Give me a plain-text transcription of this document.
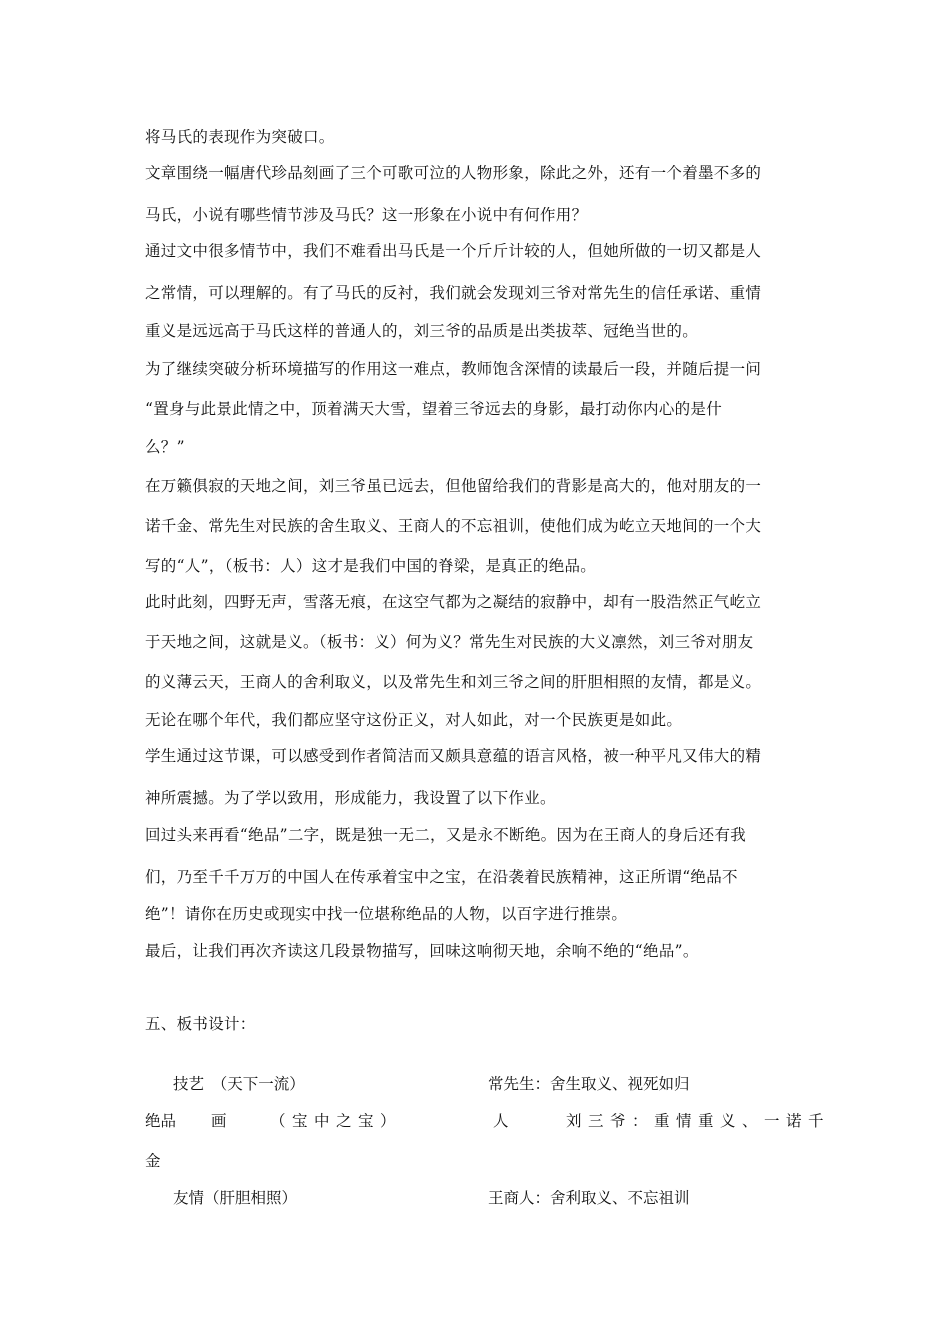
将马氏的表现作为突破口。
文章围绕一幅唐代珍品刻画了三个可歌可泣的人物形象，除此之外，还有一个着墨不多的
马氏，小说有哪些情节涉及马氏？这一形象在小说中有何作用？
通过文中很多情节中，我们不难看出马氏是一个斤斤计较的人，但她所做的一切又都是人
之常情，可以理解的。有了马氏的反衬，我们就会发现刘三爷对常先生的信任承诺、重情
重义是远远高于马氏这样的普通人的，刘三爷的品质是出类拔萃、冠绝当世的。
为了继续突破分析环境描写的作用这一难点，教师饱含深情的读最后一段，并随后提一问
“置身与此景此情之中，顶着满天大雪，望着三爷远去的身影，最打动你内心的是什
么？”
在万籁俱寂的天地之间，刘三爷虽已远去，但他留给我们的背影是高大的，他对朋友的一
诺千金、常先生对民族的舍生取义、王商人的不忘祖训，使他们成为屹立天地间的一个大
写的“人”，（板书：人）这才是我们中国的脊梁，是真正的绝品。
此时此刻，四野无声，雪落无痕，在这空气都为之凝结的寂静中，却有一股浩然正气屹立
于天地之间，这就是义。（板书：义）何为义？常先生对民族的大义凛然，刘三爷对朋友
的义薄云天，王商人的舍利取义，以及常先生和刘三爷之间的肝胆相照的友情，都是义。
无论在哪个年代，我们都应坚守这份正义，对人如此，对一个民族更是如此。
学生通过这节课，可以感受到作者简洁而又颇具意蕴的语言风格，被一种平凡又伟大的精
神所震撼。为了学以致用，形成能力，我设置了以下作业。
回过头来再看“绝品”二字，既是独一无二，又是永不断绝。因为在王商人的身后还有我
们，乃至千千万万的中国人在传承着宝中之宝，在沿袭着民族精神，这正所谓“绝品不
绝”！请你在历史或现实中找一位堪称绝品的人物，以百字进行推崇。
最后，让我们再次齐读这几段景物描写，回味这响彻天地，余响不绝的“绝品”。
五、板书设计：
技艺　（天下一流）	常先生：舍生取义、视死如归
绝品 画	（宝中之宝）	人	刘三爷：重情重义、一诺千
金
友情（肝胆相照）	王商人：舍利取义、不忘祖训
